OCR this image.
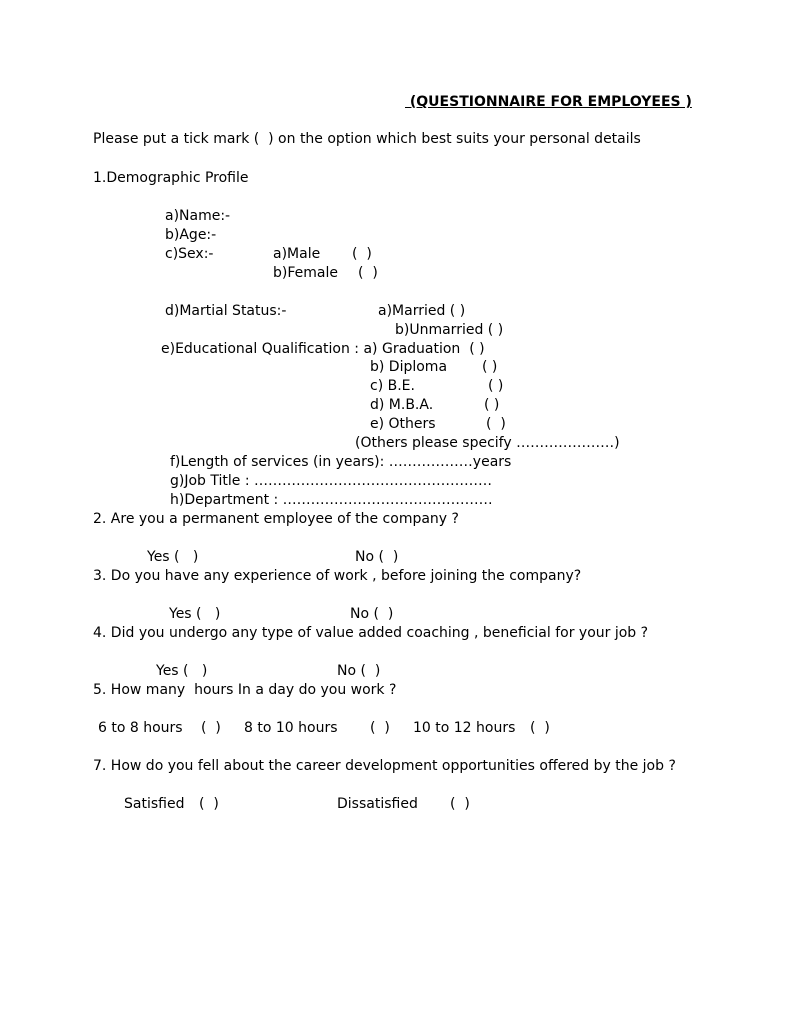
(QUESTIONNAIRE FOR EMPLOYEES )
Please put a tick mark (  ) on the option which best suits your personal details
1.Demographic Profile
a)Name:-
b)Age:-
c)Sex:-	a)Male (  )
b)Female (  )
d)Martial Status:-	a)Married ( )
b)Unmarried ( )
e)Educational Qualification : a) Graduation  ( )
b) Diploma ( )
c) B.E.	( )
d) M.B.A.	( )
e) Others	(  )
(Others please specify …………………)
f)Length of services (in years): ………………years
g)Job Title : ……………………………………………
h)Department : ………………………………………
2. Are you a permanent employee of the company ?
Yes (   )	No (  )
3. Do you have any experience of work , before joining the company?
Yes (   )	No (  )
4. Did you undergo any type of value added coaching , beneficial for your job ?
Yes (   )	No (  )
5. How many  hours In a day do you work ?
6 to 8 hours (  ) 8 to 10 hours (  ) 10 to 12 hours (  )
7. How do you fell about the career development opportunities offered by the job ?
Satisfied (  )	Dissatisfied (  )
